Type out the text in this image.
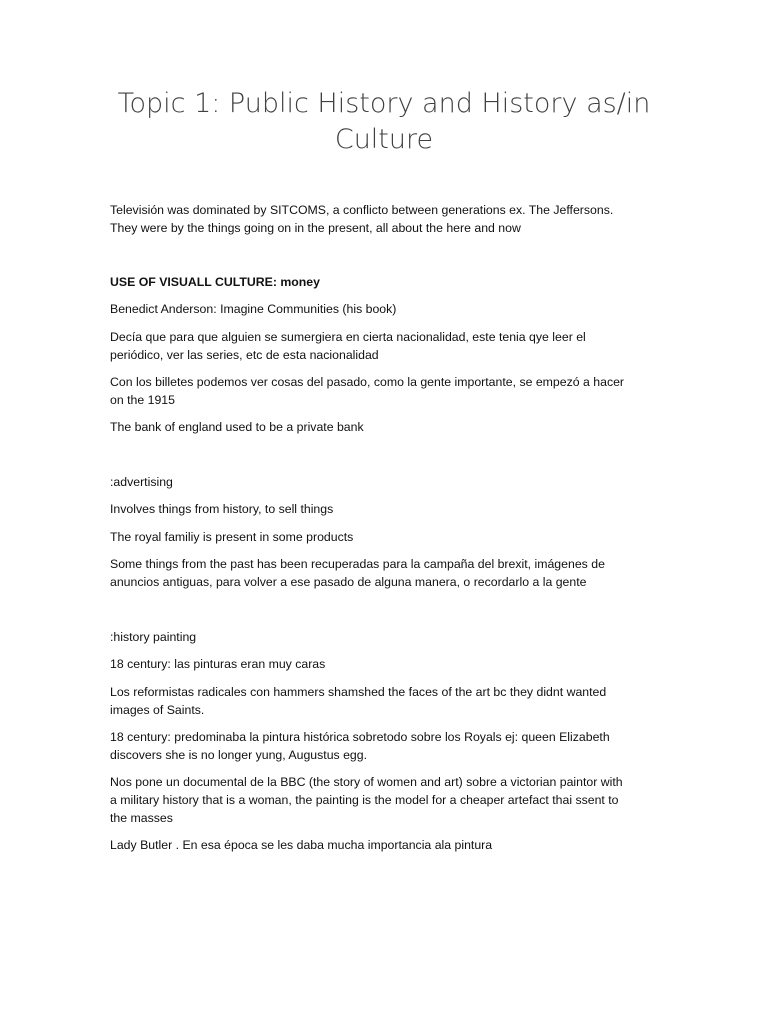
Topic 1: Public History and History as/in
Culture
Televisión was dominated by SITCOMS, a conflicto between generations ex. The Jeffersons.
They were by the things going on in the present, all about the here and now
USE OF VISUALL CULTURE: money
Benedict Anderson: Imagine Communities (his book)
Decía que para que alguien se sumergiera en cierta nacionalidad, este tenia qye leer el
periódico, ver las series, etc de esta nacionalidad
Con los billetes podemos ver cosas del pasado, como la gente importante, se empezó a hacer
on the 1915
The bank of england used to be a private bank
:advertising
Involves things from history, to sell things
The royal familiy is present in some products
Some things from the past has been recuperadas para la campaña del brexit, imágenes de
anuncios antiguas, para volver a ese pasado de alguna manera, o recordarlo a la gente
:history painting
18 century: las pinturas eran muy caras
Los reformistas radicales con hammers shamshed the faces of the art bc they didnt wanted
images of Saints.
18 century: predominaba la pintura histórica sobretodo sobre los Royals ej: queen Elizabeth
discovers she is no longer yung, Augustus egg.
Nos pone un documental de la BBC (the story of women and art) sobre a victorian paintor with
a military history that is a woman, the painting is the model for a cheaper artefact thai ssent to
the masses
Lady Butler . En esa época se les daba mucha importancia ala pintura
